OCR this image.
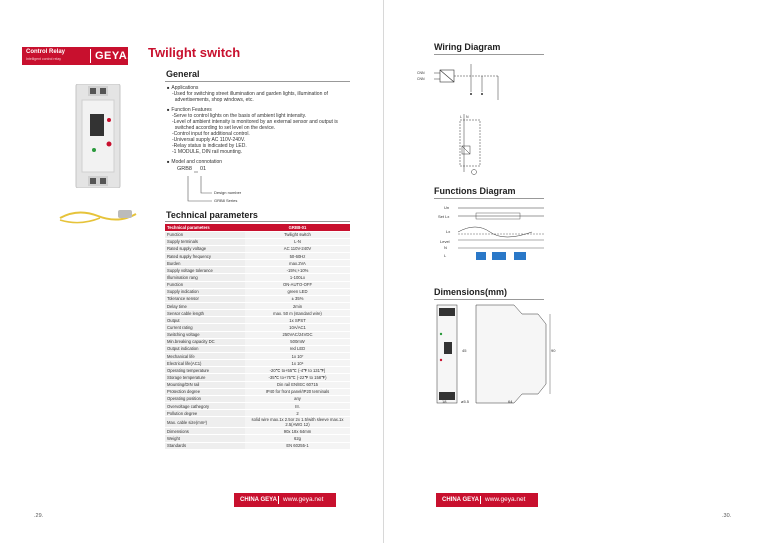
Control Relay
Intelligent control relay	GEYA. Twilight switch
General
■ Applications
-Used for switching street illumination and garden lights, illumination of
advertisements, shop windows, etc.
■ Function Features
-Serve to control lights on the basis of ambient light intensity.
-Level of ambient intensity is monitored by an external sensor and output is
switched according to set level on the device.
-Control input for additional control.
-Universal supply AC 110V-240V.
-Relay status is indicated by LED.
-1 MODULE, DIN rail mounting.
■ Model and connotation
GRB8 01
Design number
GRB8 Series
Technical parameters
Technical parameters	GRB8-01
Function	Twilight switch
Supply terminals	L-N
Rated supply voltage	AC 110V-240V
Rated supply frequency	50-60Hz
Burden	max.2VA
Supply voltage tolerance	-15%;+10%
Illumination rang	1-100Lx
Function	ON-AUTO-OFF
Supply indication	green LED
Tolerance sensor	± 35%
Delay time	2min
Sensor cable length	max. 50 m (standard wire)
Output	1x SPST
Current rating	10A/AC1
Switching voltage	250VAC/24VDC
Min.breaking capacity DC	500mW
Output indication	red LED
Mechanical life	1x 10⁷
Electrical life(AC1)	1x 10⁵
Operating temperature	-20℃ to+55℃ (-4℉ to 131℉)
Storage temperature	-35℃ to+75℃ (-22℉ to 158℉)
Mounting/DIN rail	Din rail EN/IEC 60715
Protection degree	IP40 for front panel/IP20 terminals
Operating position	any
Overvoltage cathegory	III.
Pollution degree	2
Max. cable size(mm²)	solid wire max.1x 2.5or 2x 1.5/with sleeve max.1x 2.5(AWG 12)
Dimensions	90x 18x 64mm
Weight	62g
Standards	EN 60255-1
CHINA GEYA www.geya.net
.29.
Wiring Diagram
CNN
CNN
L N
Functions Diagram
Un
Set Lx
Lx
Level
N
L
Dimensions(mm)
45	90
18	ø5.5	64
CHINA GEYA www.geya.net
.30.
